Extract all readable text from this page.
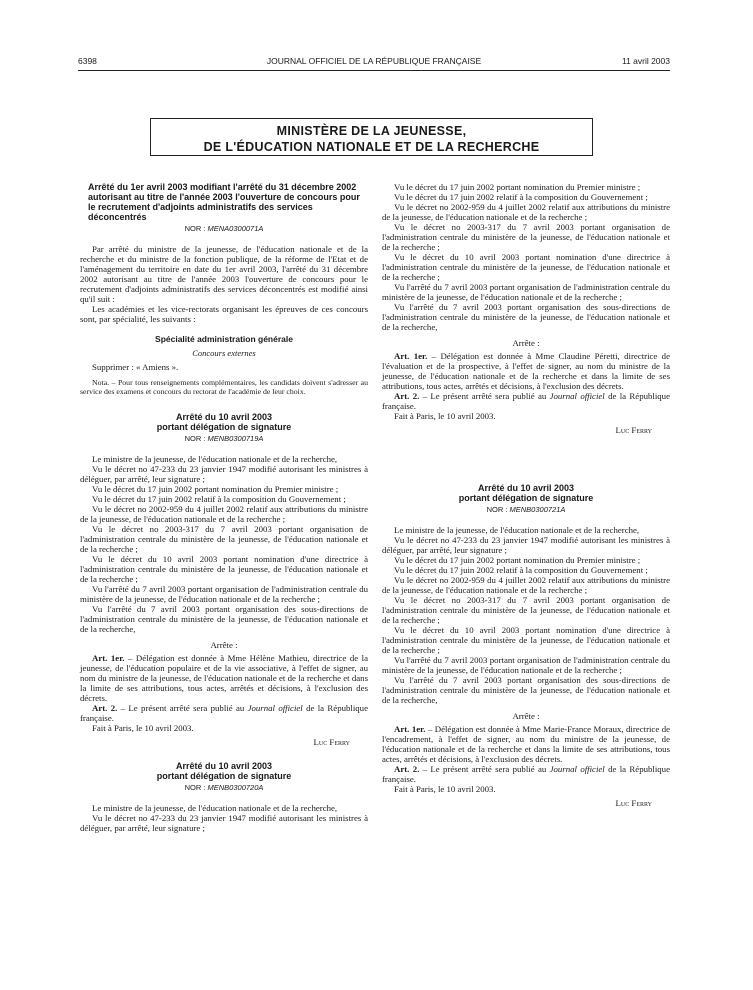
6398	JOURNAL OFFICIEL DE LA RÉPUBLIQUE FRANÇAISE	11 avril 2003
MINISTÈRE DE LA JEUNESSE,
DE L'ÉDUCATION NATIONALE ET DE LA RECHERCHE
Arrêté du 1er avril 2003 modifiant l'arrêté du 31 décembre 2002 autorisant au titre de l'année 2003 l'ouverture de concours pour le recrutement d'adjoints administratifs des services déconcentrés
NOR : MENA0300071A

Par arrêté du ministre de la jeunesse, de l'éducation nationale et de la recherche et du ministre de la fonction publique, de la réforme de l'Etat et de l'aménagement du territoire en date du 1er avril 2003, l'arrêté du 31 décembre 2002 autorisant au titre de l'année 2003 l'ouverture de concours pour le recrutement d'adjoints administratifs des services déconcentrés est modifié ainsi qu'il suit :

Les académies et les vice-rectorats organisant les épreuves de ces concours sont, par spécialité, les suivants :

Spécialité administration générale
Concours externes

Supprimer : « Amiens ».

Nota. – Pour tous renseignements complémentaires, les candidats doivent s'adresser au service des examens et concours du rectorat de l'académie de leur choix.
Arrêté du 10 avril 2003
portant délégation de signature
NOR : MENB0300719A

Le ministre de la jeunesse, de l'éducation nationale et de la recherche,

Vu le décret no 47-233 du 23 janvier 1947 modifié autorisant les ministres à déléguer, par arrêté, leur signature ;

Vu le décret du 17 juin 2002 portant nomination du Premier ministre ;

Vu le décret du 17 juin 2002 relatif à la composition du Gouvernement ;

Vu le décret no 2002-959 du 4 juillet 2002 relatif aux attributions du ministre de la jeunesse, de l'éducation nationale et de la recherche ;

Vu le décret no 2003-317 du 7 avril 2003 portant organisation de l'administration centrale du ministère de la jeunesse, de l'éducation nationale et de la recherche ;

Vu le décret du 10 avril 2003 portant nomination d'une directrice à l'administration centrale du ministère de la jeunesse, de l'éducation nationale et de la recherche ;

Vu l'arrêté du 7 avril 2003 portant organisation de l'administration centrale du ministère de la jeunesse, de l'éducation nationale et de la recherche ;

Vu l'arrêté du 7 avril 2003 portant organisation des sous-directions de l'administration centrale du ministère de la jeunesse, de l'éducation nationale et de la recherche,

Arrête :

Art. 1er. – Délégation est donnée à Mme Hélène Mathieu, directrice de la jeunesse, de l'éducation populaire et de la vie associative, à l'effet de signer, au nom du ministre de la jeunesse, de l'éducation nationale et de la recherche et dans la limite de ses attributions, tous actes, arrêtés et décisions, à l'exclusion des décrets.

Art. 2. – Le présent arrêté sera publié au Journal officiel de la République française.

Fait à Paris, le 10 avril 2003.

Luc Ferry

Arrêté du 10 avril 2003
portant délégation de signature
NOR : MENB0300720A

Le ministre de la jeunesse, de l'éducation nationale et de la recherche,

Vu le décret no 47-233 du 23 janvier 1947 modifié autorisant les ministres à déléguer, par arrêté, leur signature ;

Vu le décret du 17 juin 2002 portant nomination du Premier ministre ;

Vu le décret du 17 juin 2002 relatif à la composition du Gouvernement ;

Vu le décret no 2002-959 du 4 juillet 2002 relatif aux attributions du ministre de la jeunesse, de l'éducation nationale et de la recherche ;

Vu le décret no 2003-317 du 7 avril 2003 portant organisation de l'administration centrale du ministère de la jeunesse, de l'éducation nationale et de la recherche ;

Vu le décret du 10 avril 2003 portant nomination d'une directrice à l'administration centrale du ministère de la jeunesse, de l'éducation nationale et de la recherche ;

Vu l'arrêté du 7 avril 2003 portant organisation de l'administration centrale du ministère de la jeunesse, de l'éducation nationale et de la recherche ;

Vu l'arrêté du 7 avril 2003 portant organisation des sous-directions de l'administration centrale du ministère de la jeunesse, de l'éducation nationale et de la recherche,

Arrête :

Art. 1er. – Délégation est donnée à Mme Claudine Péretti, directrice de l'évaluation et de la prospective, à l'effet de signer, au nom du ministre de la jeunesse, de l'éducation nationale et de la recherche et dans la limite de ses attributions, tous actes, arrêtés et décisions, à l'exclusion des décrets.

Art. 2. – Le présent arrêté sera publié au Journal officiel de la République française.

Fait à Paris, le 10 avril 2003.

Luc Ferry

Arrêté du 10 avril 2003
portant délégation de signature
NOR : MENB0300721A

Le ministre de la jeunesse, de l'éducation nationale et de la recherche,

Vu le décret no 47-233 du 23 janvier 1947 modifié autorisant les ministres à déléguer, par arrêté, leur signature ;

Vu le décret du 17 juin 2002 portant nomination du Premier ministre ;

Vu le décret du 17 juin 2002 relatif à la composition du Gouvernement ;

Vu le décret no 2002-959 du 4 juillet 2002 relatif aux attributions du ministre de la jeunesse, de l'éducation nationale et de la recherche ;

Vu le décret no 2003-317 du 7 avril 2003 portant organisation de l'administration centrale du ministère de la jeunesse, de l'éducation nationale et de la recherche ;

Vu le décret du 10 avril 2003 portant nomination d'une directrice à l'administration centrale du ministère de la jeunesse, de l'éducation nationale et de la recherche ;

Vu l'arrêté du 7 avril 2003 portant organisation de l'administration centrale du ministère de la jeunesse, de l'éducation nationale et de la recherche ;

Vu l'arrêté du 7 avril 2003 portant organisation des sous-directions de l'administration centrale du ministère de la jeunesse, de l'éducation nationale et de la recherche,

Arrête :

Art. 1er. – Délégation est donnée à Mme Marie-France Moraux, directrice de l'encadrement, à l'effet de signer, au nom du ministre de la jeunesse, de l'éducation nationale et de la recherche et dans la limite de ses attributions, tous actes, arrêtés et décisions, à l'exclusion des décrets.

Art. 2. – Le présent arrêté sera publié au Journal officiel de la République française.

Fait à Paris, le 10 avril 2003.

Luc Ferry
